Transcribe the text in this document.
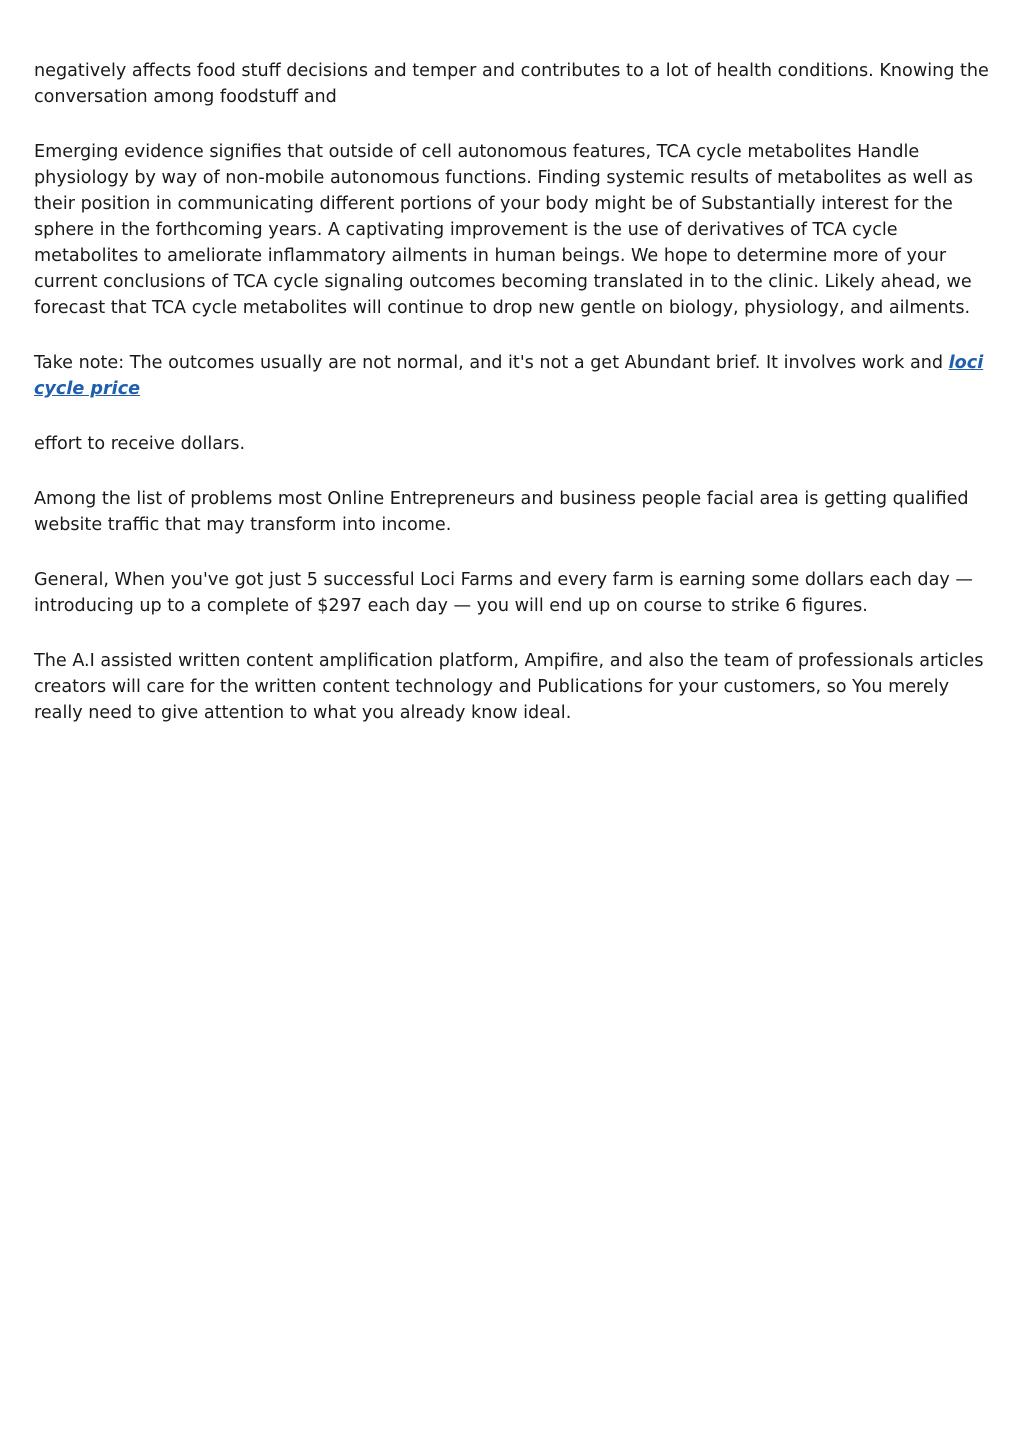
negatively affects food stuff decisions and temper and contributes to a lot of health conditions. Knowing the conversation among foodstuff and

Emerging evidence signifies that outside of cell autonomous features, TCA cycle metabolites Handle physiology by way of non-mobile autonomous functions. Finding systemic results of metabolites as well as their position in communicating different portions of your body might be of Substantially interest for the sphere in the forthcoming years. A captivating improvement is the use of derivatives of TCA cycle metabolites to ameliorate inflammatory ailments in human beings. We hope to determine more of your current conclusions of TCA cycle signaling outcomes becoming translated in to the clinic. Likely ahead, we forecast that TCA cycle metabolites will continue to drop new gentle on biology, physiology, and ailments.

Take note: The outcomes usually are not normal, and it's not a get Abundant brief. It involves work and loci cycle price

effort to receive dollars.

Among the list of problems most Online Entrepreneurs and business people facial area is getting qualified website traffic that may transform into income.

General, When you've got just 5 successful Loci Farms and every farm is earning some dollars each day — introducing up to a complete of $297 each day — you will end up on course to strike 6 figures.

The A.I assisted written content amplification platform, Ampifire, and also the team of professionals articles creators will care for the written content technology and Publications for your customers, so You merely really need to give attention to what you already know ideal.
